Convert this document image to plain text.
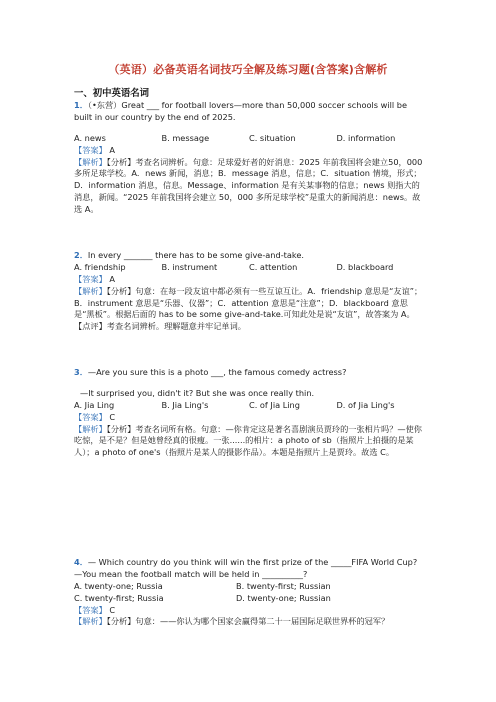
（英语）必备英语名词技巧全解及练习题(含答案)含解析
一、初中英语名词

1．（•东营）Great ___ for football lovers—more than 50,000 soccer schools will be built in our country by the end of 2025.

A. news	B. message	C. situation	D. information

【答案】 A

【解析】【分析】考查名词辨析。句意：足球爱好者的好消息：2025 年前我国将会建立50，000 多所足球学校。A．news 新闻，消息；B．message 消息，信息；C．situation 情境，形式；D．information 消息，信息。Message、information 是有关某事物的信息；news 则指大的消息，新闻。“2025 年前我国将会建立 50，000 多所足球学校”是重大的新闻消息：news。故选 A。

2．In every _______ there has to be some give-and-take.

A. friendship	B. instrument	C. attention	D. blackboard

【答案】 A

【解析】【分析】句意：在每一段友谊中都必须有一些互谅互让。A．friendship 意思是“友谊”；B．instrument 意思是“乐器、仪器”；C．attention 意思是“注意”；D．blackboard 意思是“黑板”。根据后面的 has to be some give-and-take.可知此处是说“友谊”，故答案为 A。

【点评】考查名词辨析。理解题意并牢记单词。

3．—Are you sure this is a photo ___, the famous comedy actress?

—It surprised you, didn't it? But she was once really thin.

A. Jia Ling	B. Jia Ling's	C. of Jia Ling	D. of Jia Ling's

【答案】 C

【解析】【分析】考查名词所有格。句意：—你肯定这是著名喜剧演员贾玲的一张相片吗？—使你吃惊，是不是？但是她曾经真的很瘦。一张......的相片：a photo of sb（指照片上拍摄的是某人）；a photo of one's（指照片是某人的摄影作品）。本题是指照片上是贾玲。故选 C。

4．— Which country do you think will win the first prize of the _____FIFA World Cup?

—You mean the football match will be held in __________?

A. twenty-one; Russia	B. twenty-first; Russian

C. twenty-first; Russia	D. twenty-one; Russian

【答案】 C

【解析】【分析】句意：——你认为哪个国家会赢得第二十一届国际足联世界杯的冠军？
